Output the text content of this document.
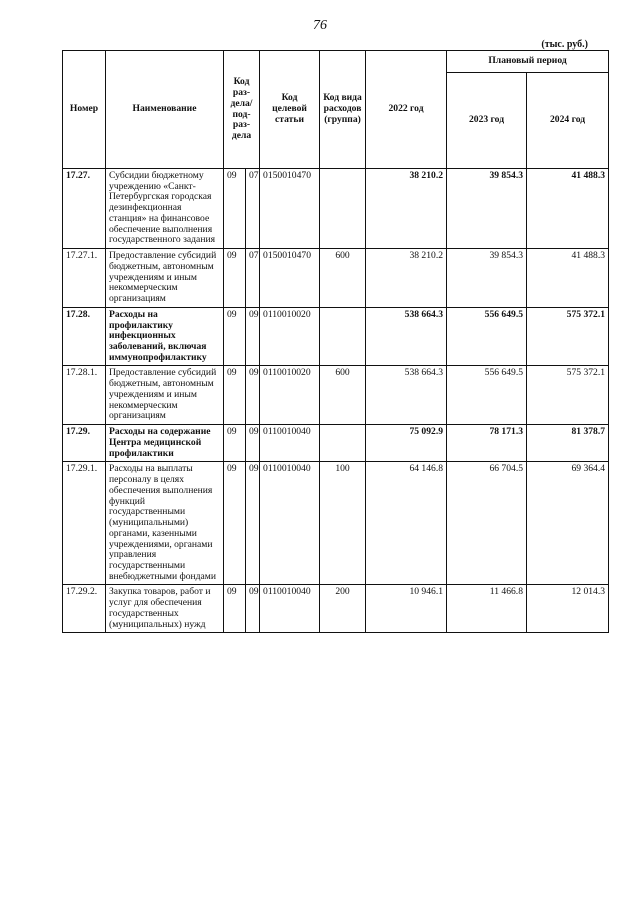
76
(тыс. руб.)
Номер	Наименование	Код раз-дела/ под-раз-дела		Код целевой статьи	Код вида расходов (группа)	2022 год	Плановый период	
							2023 год	2024 год
17.27.	Субсидии бюджетному учреждению «Санкт-Петербургская городская дезинфекционная станция» на финансовое обеспечение выполнения государственного задания	09	07	0150010470		38 210.2	39 854.3	41 488.3
17.27.1.	Предоставление субсидий бюджетным, автономным учреждениям и иным некоммерческим организациям	09	07	0150010470	600	38 210.2	39 854.3	41 488.3
17.28.	Расходы на профилактику инфекционных заболеваний, включая иммунопрофилактику	09	09	0110010020		538 664.3	556 649.5	575 372.1
17.28.1.	Предоставление субсидий бюджетным, автономным учреждениям и иным некоммерческим организациям	09	09	0110010020	600	538 664.3	556 649.5	575 372.1
17.29.	Расходы на содержание Центра медицинской профилактики	09	09	0110010040		75 092.9	78 171.3	81 378.7
17.29.1.	Расходы на выплаты персоналу в целях обеспечения выполнения функций государственными (муниципальными) органами, казенными учреждениями, органами управления государственными внебюджетными фондами	09	09	0110010040	100	64 146.8	66 704.5	69 364.4
17.29.2.	Закупка товаров, работ и услуг для обеспечения государственных (муниципальных) нужд	09	09	0110010040	200	10 946.1	11 466.8	12 014.3
